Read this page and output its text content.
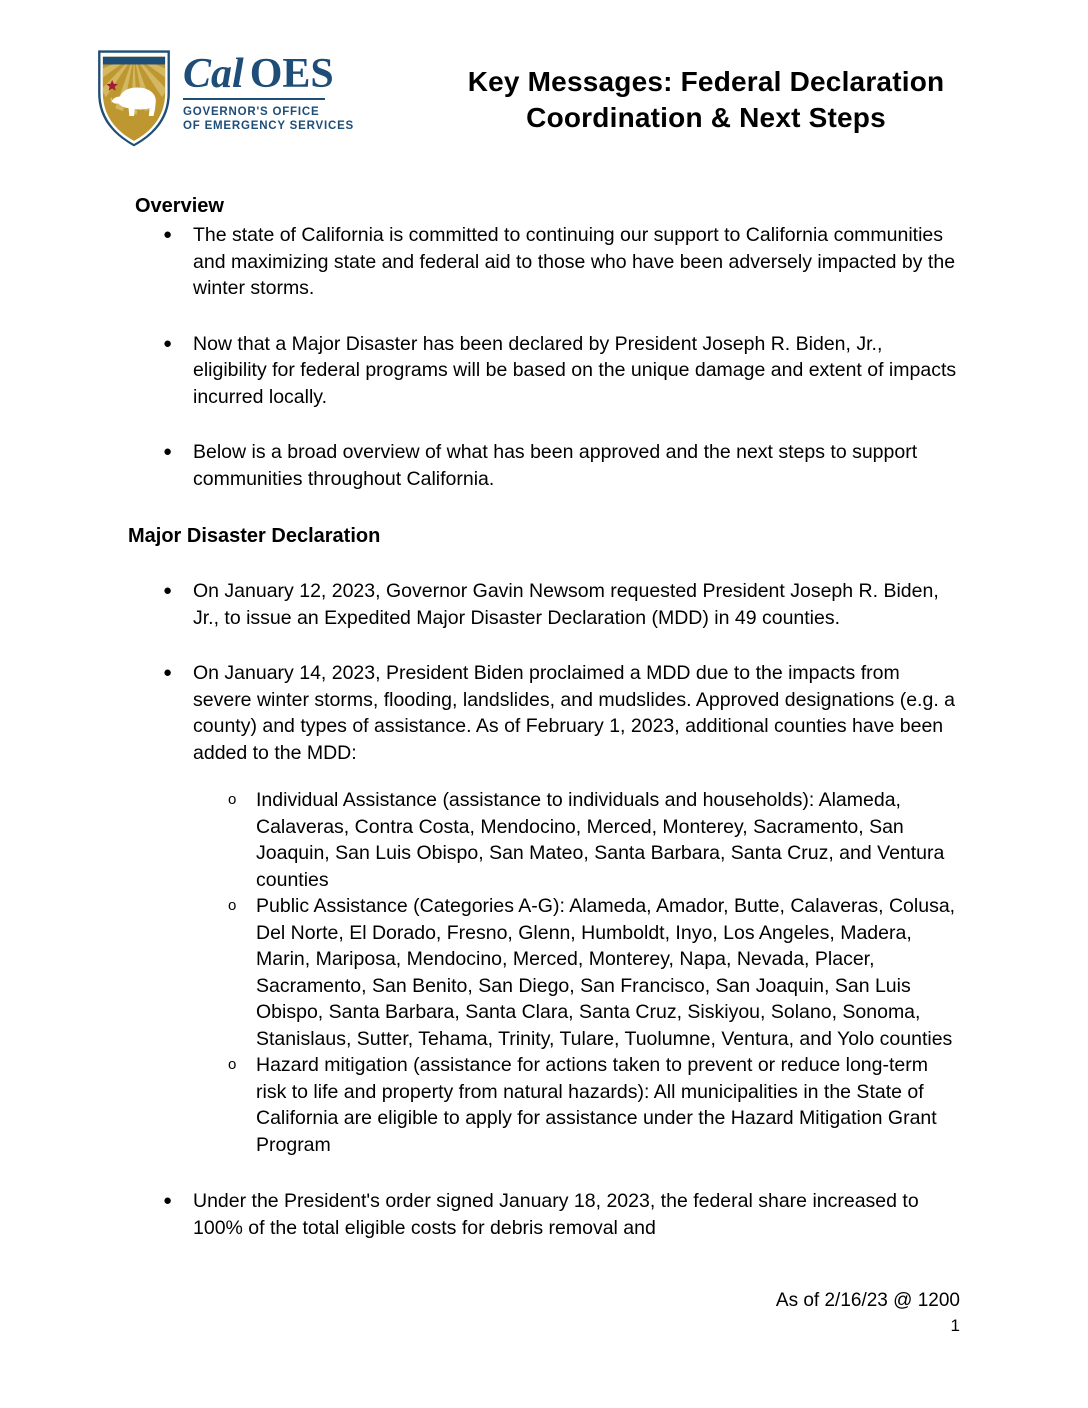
Cal OES
GOVERNOR'S OFFICE
OF EMERGENCY SERVICES
Key Messages: Federal Declaration
Coordination & Next Steps
Overview
●	The state of California is committed to continuing our support to California communities and maximizing state and federal aid to those who have been adversely impacted by the winter storms.
●	Now that a Major Disaster has been declared by President Joseph R. Biden, Jr., eligibility for federal programs will be based on the unique damage and extent of impacts incurred locally.
●	Below is a broad overview of what has been approved and the next steps to support communities throughout California.
Major Disaster Declaration
●	On January 12, 2023, Governor Gavin Newsom requested President Joseph R. Biden, Jr., to issue an Expedited Major Disaster Declaration (MDD) in 49 counties.
●	On January 14, 2023, President Biden proclaimed a MDD due to the impacts from severe winter storms, flooding, landslides, and mudslides. Approved designations (e.g. a county) and types of assistance. As of February 1, 2023, additional counties have been added to the MDD:
o	Individual Assistance (assistance to individuals and households): Alameda, Calaveras, Contra Costa, Mendocino, Merced, Monterey, Sacramento, San Joaquin, San Luis Obispo, San Mateo, Santa Barbara, Santa Cruz, and Ventura counties
o	Public Assistance (Categories A-G): Alameda, Amador, Butte, Calaveras, Colusa, Del Norte, El Dorado, Fresno, Glenn, Humboldt, Inyo, Los Angeles, Madera, Marin, Mariposa, Mendocino, Merced, Monterey, Napa, Nevada, Placer, Sacramento, San Benito, San Diego, San Francisco, San Joaquin, San Luis Obispo, Santa Barbara, Santa Clara, Santa Cruz, Siskiyou, Solano, Sonoma, Stanislaus, Sutter, Tehama, Trinity, Tulare, Tuolumne, Ventura, and Yolo counties
o	Hazard mitigation (assistance for actions taken to prevent or reduce long-term risk to life and property from natural hazards): All municipalities in the State of California are eligible to apply for assistance under the Hazard Mitigation Grant Program
●	Under the President's order signed January 18, 2023, the federal share increased to 100% of the total eligible costs for debris removal and
As of 2/16/23 @ 1200
1
